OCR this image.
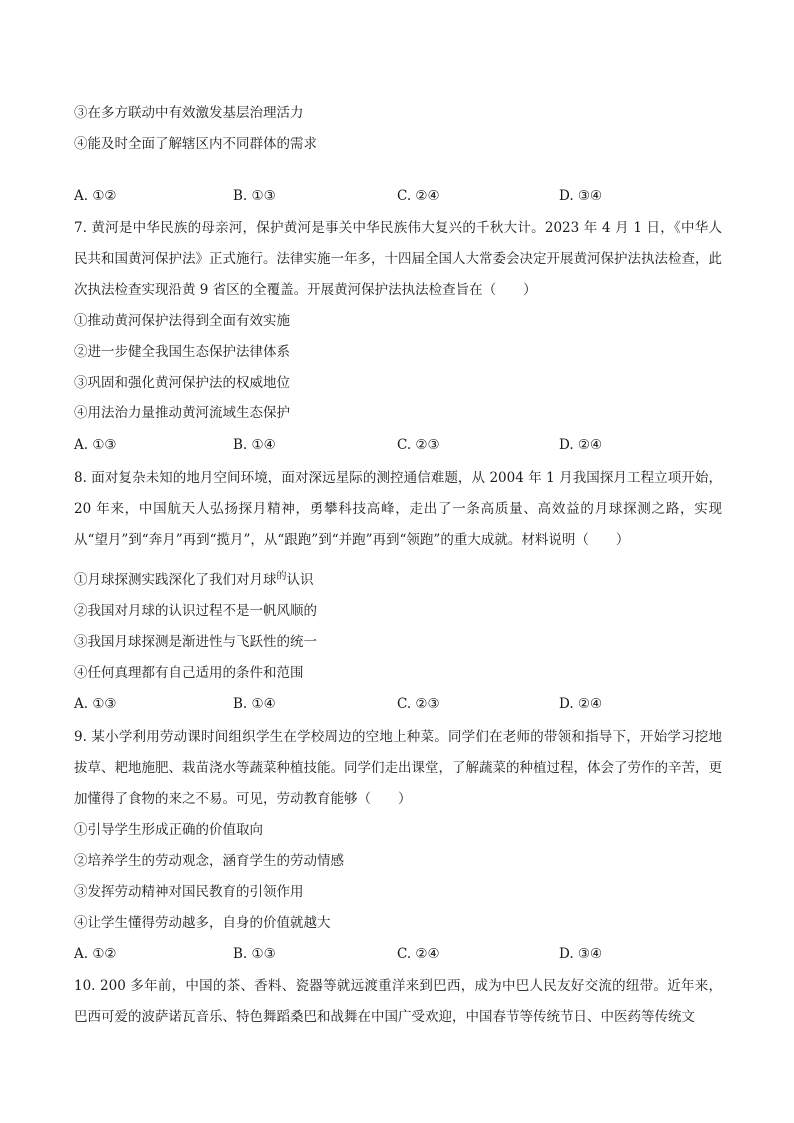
③在多方联动中有效激发基层治理活力
④能及时全面了解辖区内不同群体的需求
A. ①②	B. ①③	C. ②④	D. ③④
7. 黄河是中华民族的母亲河，保护黄河是事关中华民族伟大复兴的千秋大计。2023 年 4 月 1 日，《中华人民共和国黄河保护法》正式施行。法律实施一年多，十四届全国人大常委会决定开展黄河保护法执法检查，此次执法检查实现沿黄 9 省区的全覆盖。开展黄河保护法执法检查旨在（　　）
①推动黄河保护法得到全面有效实施
②进一步健全我国生态保护法律体系
③巩固和强化黄河保护法的权威地位
④用法治力量推动黄河流域生态保护
A. ①③	B. ①④	C. ②③	D. ②④
8. 面对复杂未知的地月空间环境，面对深远星际的测控通信难题，从 2004 年 1 月我国探月工程立项开始，20 年来，中国航天人弘扬探月精神，勇攀科技高峰，走出了一条高质量、高效益的月球探测之路，实现从“望月”到“奔月”再到“揽月”，从“跟跑”到“并跑”再到“领跑”的重大成就。材料说明（　　）
①月球探测实践深化了我们对月球$^的$认识
②我国对月球的认识过程不是一帆风顺的
③我国月球探测是渐进性与飞跃性的统一
④任何真理都有自己适用的条件和范围
A. ①③	B. ①④	C. ②③	D. ②④
9. 某小学利用劳动课时间组织学生在学校周边的空地上种菜。同学们在老师的带领和指导下，开始学习挖地拔草、耙地施肥、栽苗浇水等蔬菜种植技能。同学们走出课堂，了解蔬菜的种植过程，体会了劳作的辛苦，更加懂得了食物的来之不易。可见，劳动教育能够（　　）
①引导学生形成正确的价值取向
②培养学生的劳动观念，涵育学生的劳动情感
③发挥劳动精神对国民教育的引领作用
④让学生懂得劳动越多，自身的价值就越大
A. ①②	B. ①③	C. ②④	D. ③④
10. 200 多年前，中国的茶、香料、瓷器等就远渡重洋来到巴西，成为中巴人民友好交流的纽带。近年来，巴西可爱的波萨诺瓦音乐、特色舞蹈桑巴和战舞在中国广受欢迎，中国春节等传统节日、中医药等传统文
